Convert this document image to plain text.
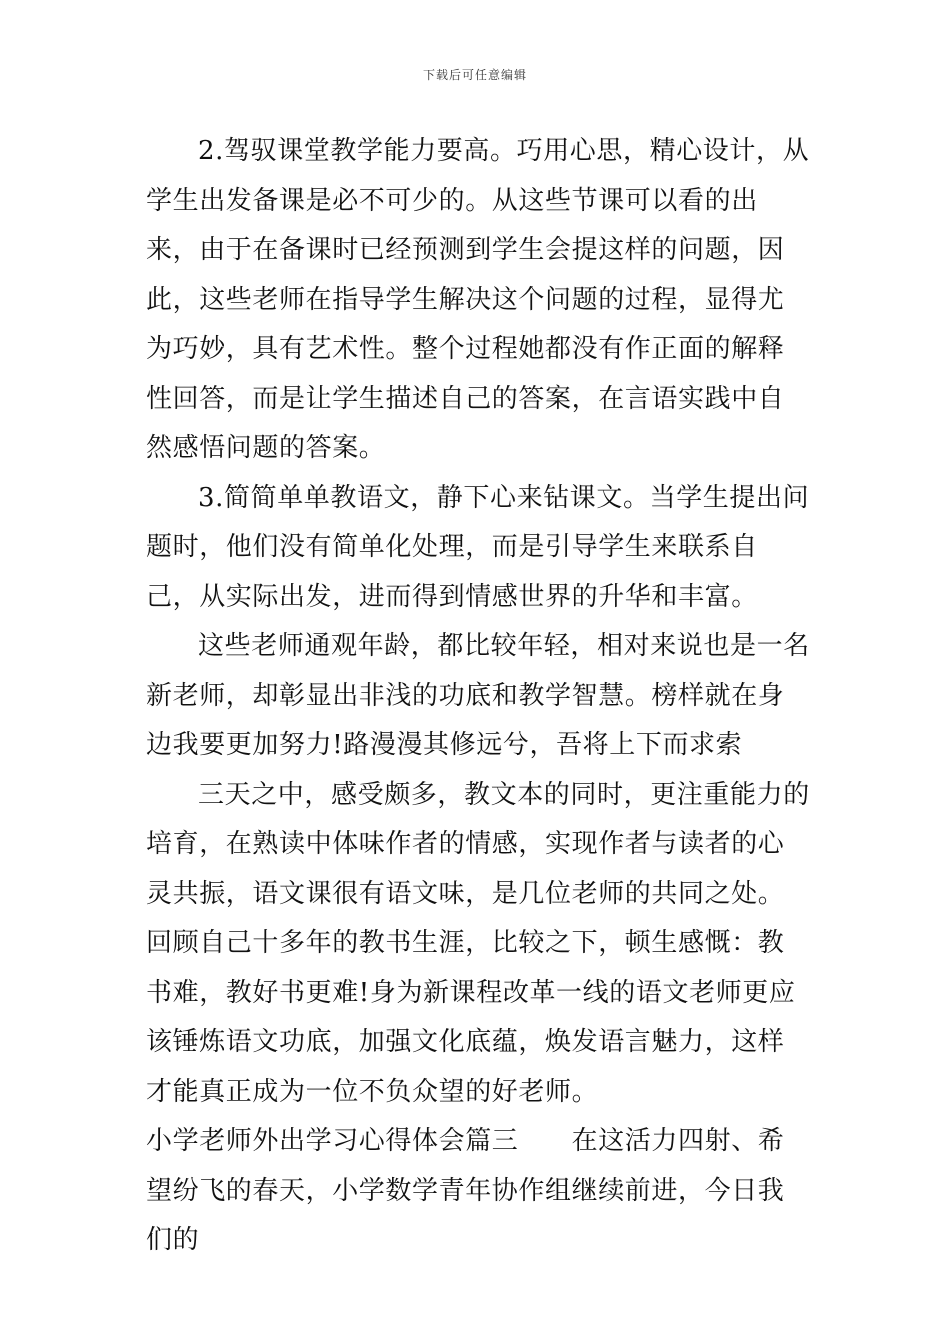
下载后可任意编辑

2.驾驭课堂教学能力要高。巧用心思，精心设计，从学生出发备课是必不可少的。从这些节课可以看的出来，由于在备课时已经预测到学生会提这样的问题，因此，这些老师在指导学生解决这个问题的过程，显得尤为巧妙，具有艺术性。整个过程她都没有作正面的解释性回答，而是让学生描述自己的答案，在言语实践中自然感悟问题的答案。

3.简简单单教语文，静下心来钻课文。当学生提出问题时，他们没有简单化处理，而是引导学生来联系自己，从实际出发，进而得到情感世界的升华和丰富。

这些老师通观年龄，都比较年轻，相对来说也是一名新老师，却彰显出非浅的功底和教学智慧。榜样就在身边我要更加努力!路漫漫其修远兮，吾将上下而求索

三天之中，感受颇多，教文本的同时，更注重能力的培育，在熟读中体味作者的情感，实现作者与读者的心灵共振，语文课很有语文味，是几位老师的共同之处。回顾自己十多年的教书生涯，比较之下，顿生感慨：教书难，教好书更难!身为新课程改革一线的语文老师更应该锤炼语文功底，加强文化底蕴，焕发语言魅力，这样才能真正成为一位不负众望的好老师。

小学老师外出学习心得体会篇三　　在这活力四射、希望纷飞的春天，小学数学青年协作组继续前进，今日我们的
